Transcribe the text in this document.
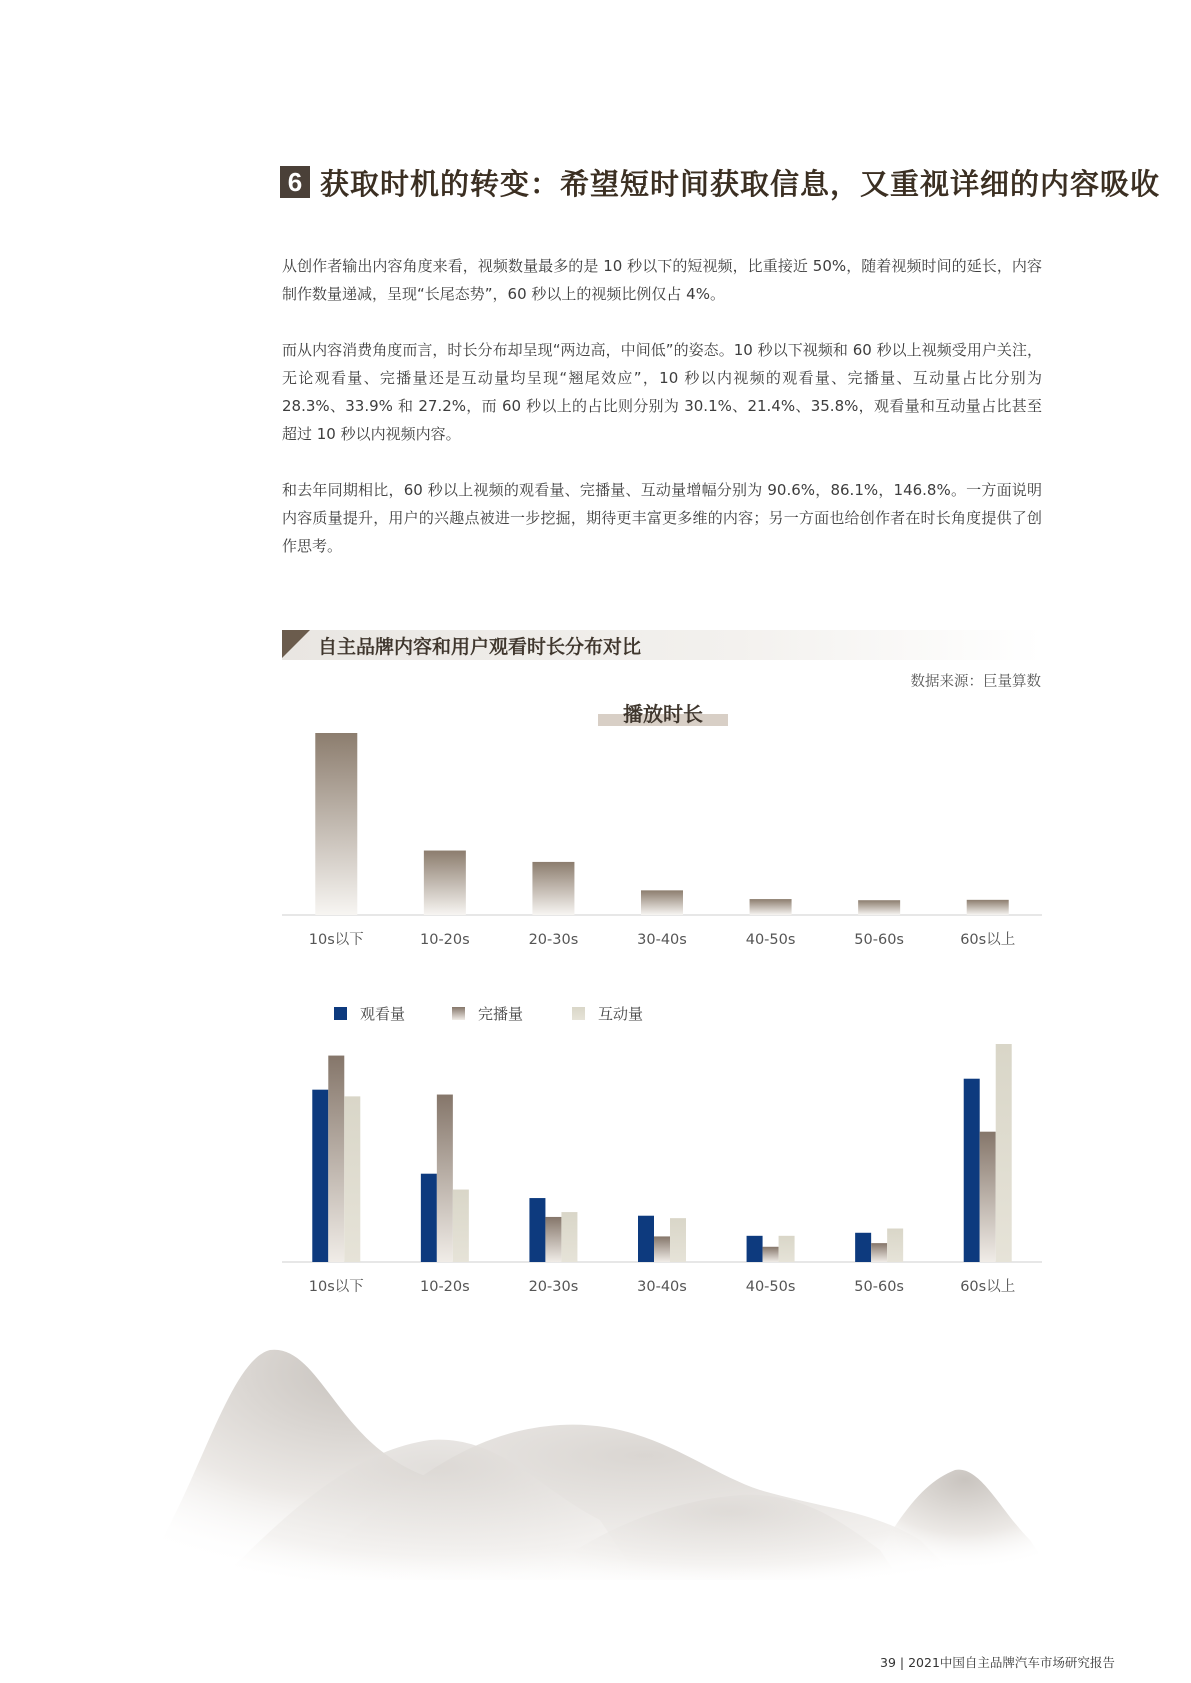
6 获取时机的转变：希望短时间获取信息，又重视详细的内容吸收

从创作者输出内容角度来看，视频数量最多的是 10 秒以下的短视频，比重接近 50%，随着视频时间的延长，内容制作数量递减，呈现“长尾态势”，60 秒以上的视频比例仅占 4%。

而从内容消费角度而言，时长分布却呈现“两边高，中间低”的姿态。10 秒以下视频和 60 秒以上视频受用户关注，无论观看量、完播量还是互动量均呈现“翘尾效应”，10 秒以内视频的观看量、完播量、互动量占比分别为 28.3%、33.9% 和 27.2%，而 60 秒以上的占比则分别为 30.1%、21.4%、35.8%，观看量和互动量占比甚至超过 10 秒以内视频内容。

和去年同期相比，60 秒以上视频的观看量、完播量、互动量增幅分别为 90.6%，86.1%，146.8%。一方面说明内容质量提升，用户的兴趣点被进一步挖掘，期待更丰富更多维的内容；另一方面也给创作者在时长角度提供了创作思考。

自主品牌内容和用户观看时长分布对比
数据来源：巨量算数
播放时长
10s以下	10-20s	20-30s	30-40s	40-50s	50-60s	60s以上
10s以下	10-20s	20-30s	30-40s	40-50s	50-60s	60s以上
观看量	完播量	互动量
39 | 2021中国自主品牌汽车市场研究报告
